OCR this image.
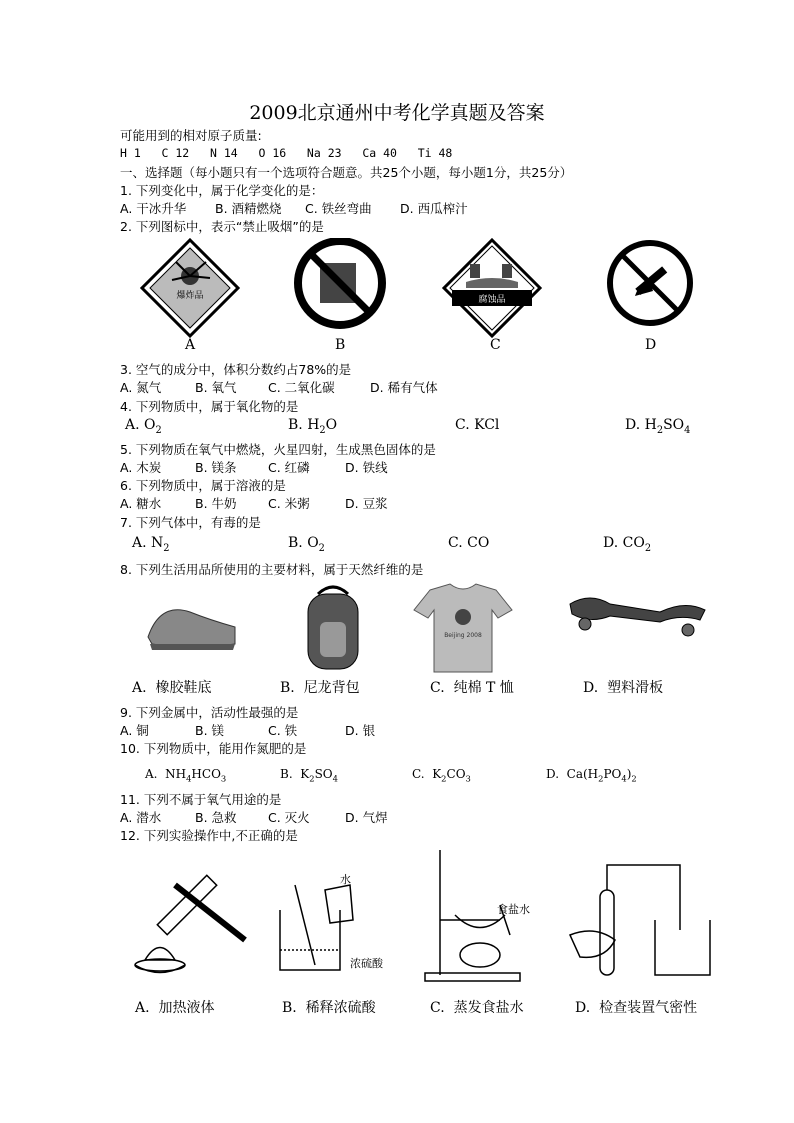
2009北京通州中考化学真题及答案
可能用到的相对原子质量:
H 1   C 12   N 14   O 16   Na 23   Ca 40   Ti 48
一、选择题（每小题只有一个选项符合题意。共25个小题，每小题1分，共25分）
1. 下列变化中，属于化学变化的是：
A. 干冰升华 B. 酒精燃烧 C. 铁丝弯曲 D. 西瓜榨汁
2. 下列图标中，表示“禁止吸烟”的是
爆炸品	腐蚀品
A	B	C	D
3. 空气的成分中，体积分数约占78%的是
A. 氮气	B. 氧气	C. 二氧化碳	D. 稀有气体
4. 下列物质中，属于氧化物的是
A. $O_2$	B. $H_2O$	C. KCl	D. $H_2SO_4$
5. 下列物质在氧气中燃烧，火星四射，生成黑色固体的是
A. 木炭	B. 镁条	C. 红磷	D. 铁线
6. 下列物质中，属于溶液的是
A. 糖水	B. 牛奶	C. 米粥	D. 豆浆
7. 下列气体中，有毒的是
A. $N_2$	B. $O_2$	C. CO	D. $CO_2$
8. 下列生活用品所使用的主要材料，属于天然纤维的是
Beijing 2008
A.  橡胶鞋底	B.  尼龙背包	C.  纯棉 T 恤	D.  塑料滑板
9. 下列金属中，活动性最强的是
A. 铜	B. 镁	C. 铁	D. 银
10. 下列物质中，能用作氮肥的是
A.  $NH_4HCO_3$	B.  $K_2SO_4$	C.  $K_2CO_3$	D.  $Ca(H_2PO_4)_2$
11. 下列不属于氧气用途的是
A. 潜水	B. 急救	C. 灭火	D. 气焊
12. 下列实验操作中,不正确的是
水
浓硫酸
食盐水
A.  加热液体	B.  稀释浓硫酸	C.  蒸发食盐水	D.  检查装置气密性
